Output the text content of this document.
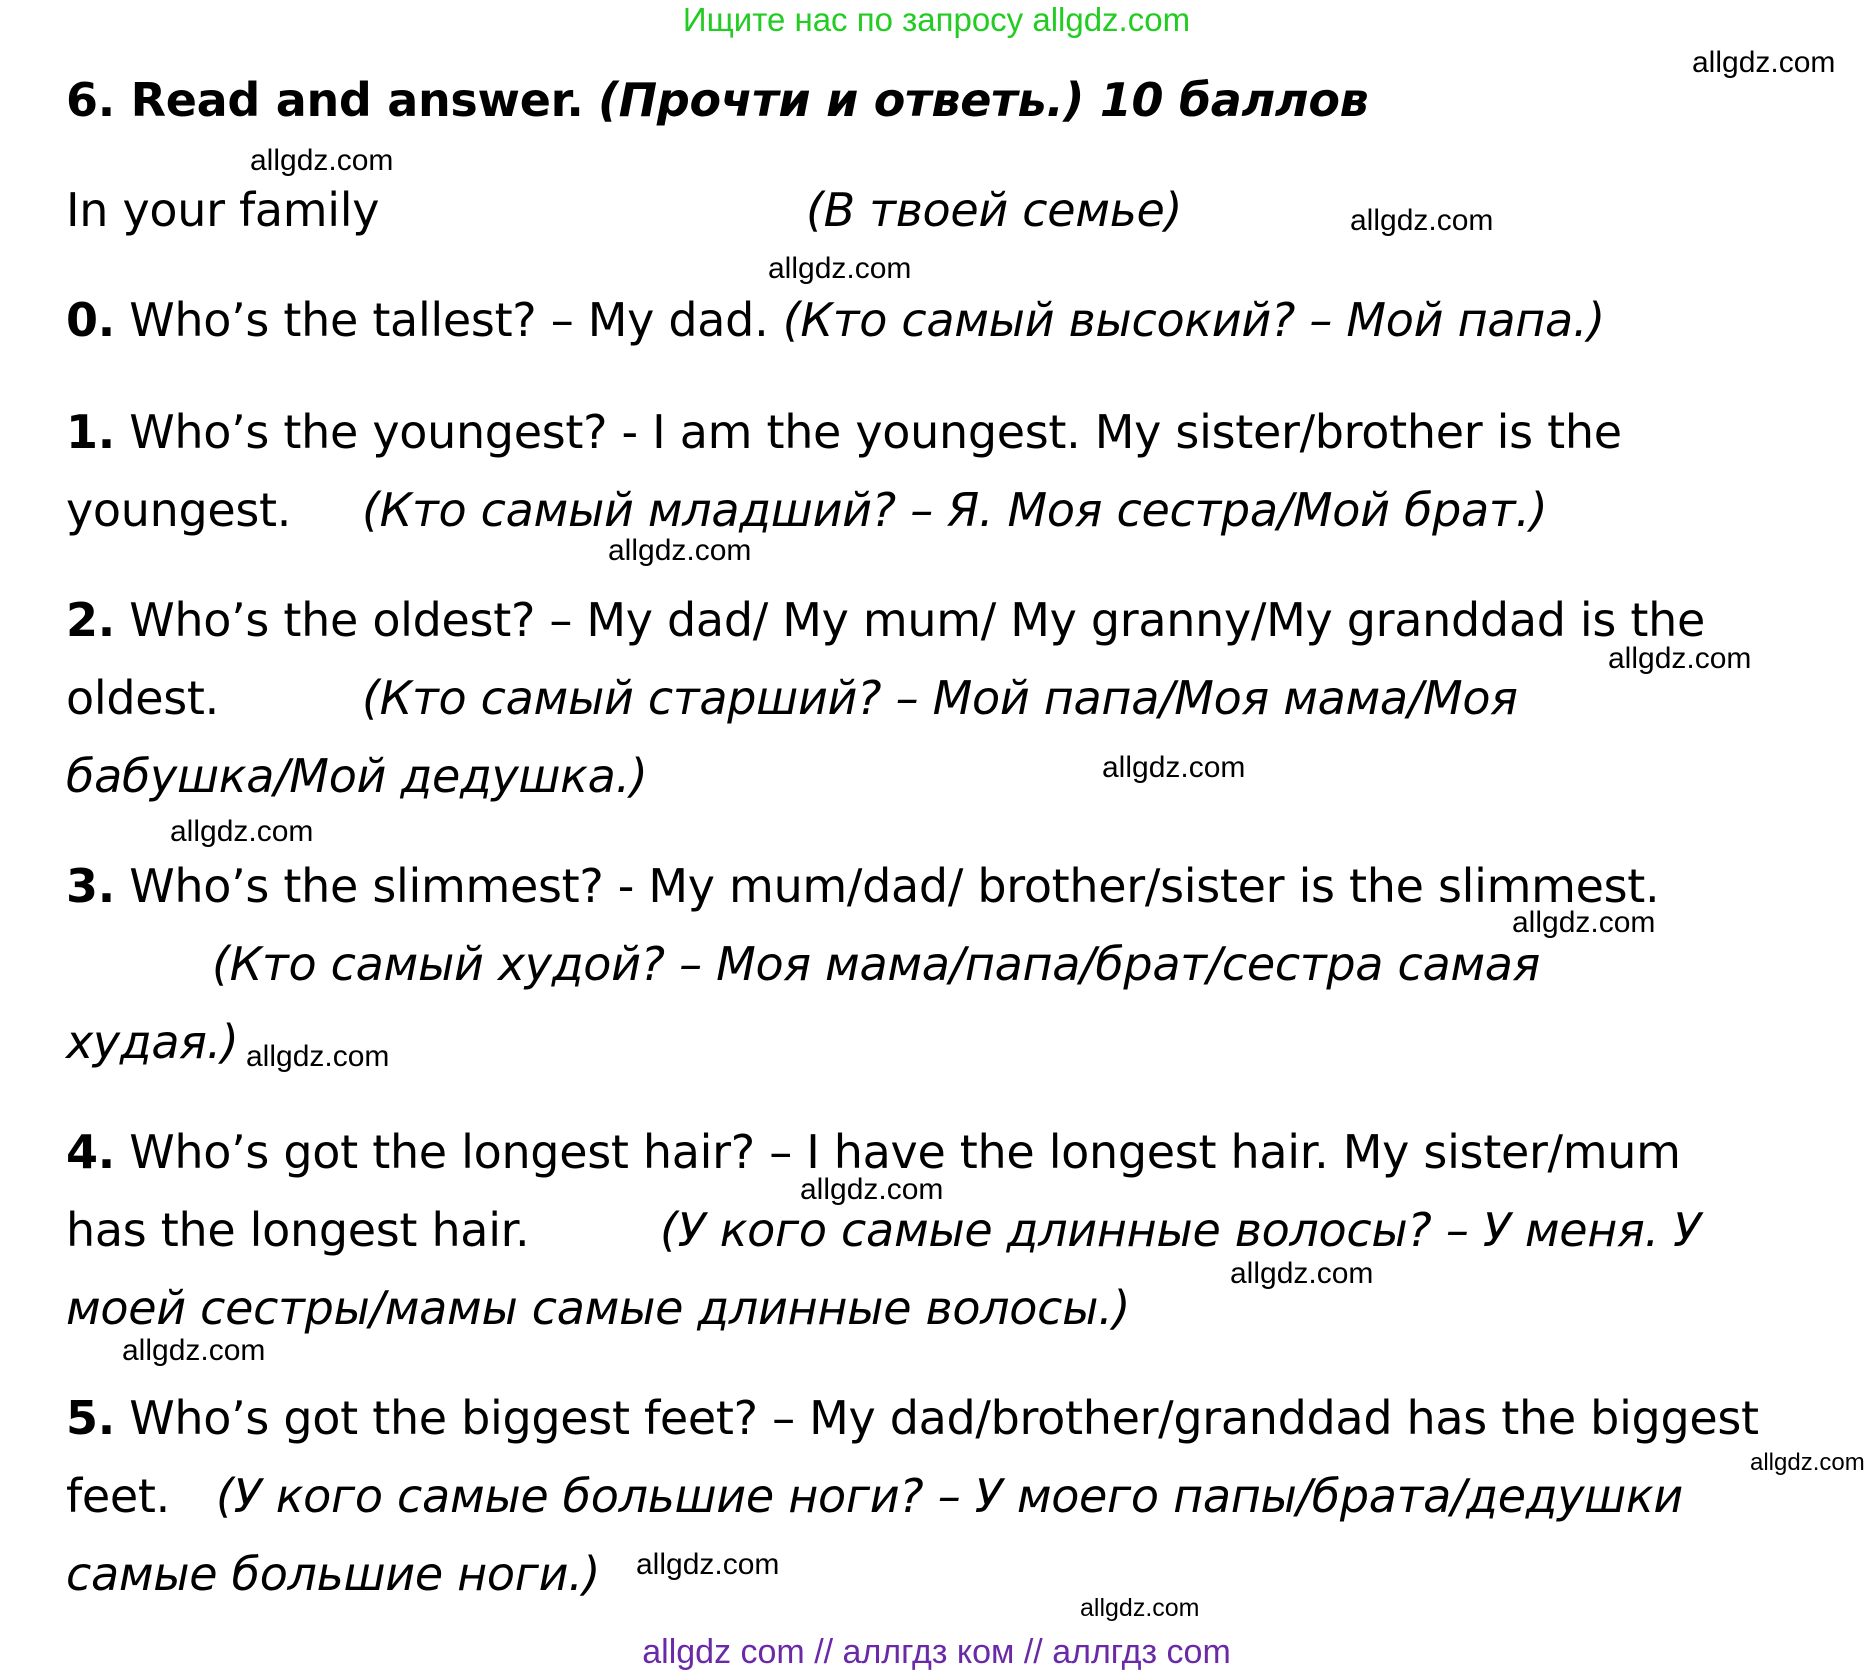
Ищите нас по запросу allgdz.com
allgdz.com
allgdz.com
allgdz.com
allgdz.com
allgdz.com
allgdz.com
allgdz.com
allgdz.com
allgdz.com
allgdz.com
allgdz.com
allgdz.com
allgdz.com
allgdz.com
allgdz.com
allgdz.com
6. Read and answer. (Прочти и ответь.) 10 баллов
In your family	(В твоей семье)
0. Who’s the tallest? – My dad. (Кто самый высокий? – Мой папа.)
1. Who’s the youngest? - I am the youngest. My sister/brother is the
youngest. (Кто самый младший? – Я. Моя сестра/Мой брат.)
2. Who’s the oldest? – My dad/ My mum/ My granny/My granddad is the
oldest.	(Кто самый старший? – Мой папа/Моя мама/Моя
бабушка/Мой дедушка.)
3. Who’s the slimmest? - My mum/dad/ brother/sister is the slimmest.
(Кто самый худой? – Моя мама/папа/брат/сестра самая
худая.)
4. Who’s got the longest hair? – I have the longest hair. My sister/mum
has the longest hair.	(У кого самые длинные волосы? – У меня. У
моей сестры/мамы самые длинные волосы.)
5. Who’s got the biggest feet? – My dad/brother/granddad has the biggest
feet. (У кого самые большие ноги? – У моего папы/брата/дедушки
самые большие ноги.)
allgdz com // аллгдз ком // аллгдз com
